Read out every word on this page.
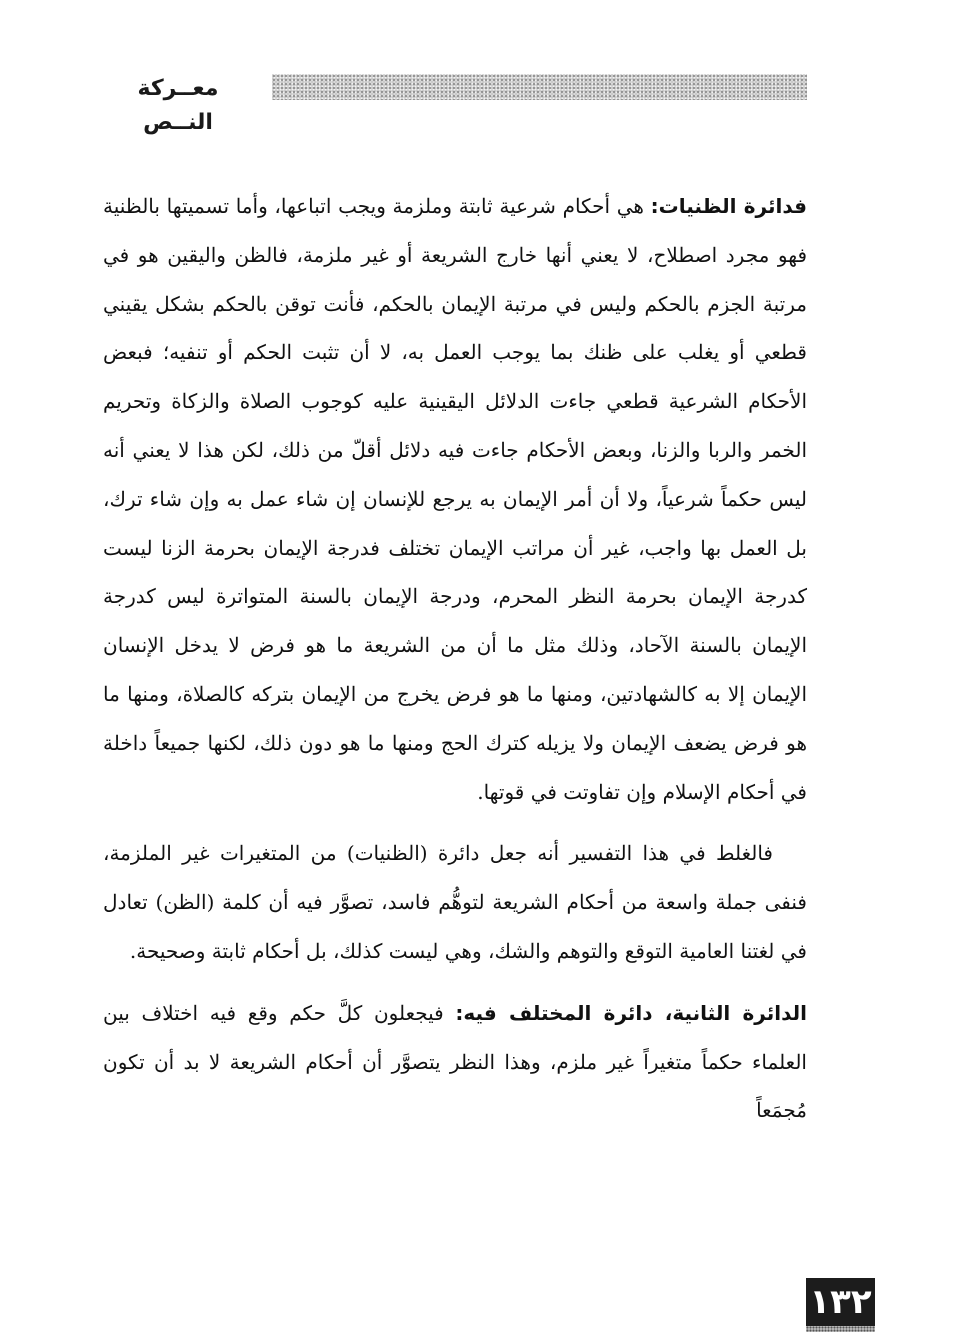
معــركة النــص

فدائرة الظنيات: هي أحكام شرعية ثابتة وملزمة ويجب اتباعها، وأما تسميتها بالظنية فهو مجرد اصطلاح، لا يعني أنها خارج الشريعة أو غير ملزمة، فالظن واليقين هو في مرتبة الجزم بالحكم وليس في مرتبة الإيمان بالحكم، فأنت توقن بالحكم بشكل يقيني قطعي أو يغلب على ظنك بما يوجب العمل به، لا أن تثبت الحكم أو تنفيه؛ فبعض الأحكام الشرعية قطعي جاءت الدلائل اليقينية عليه كوجوب الصلاة والزكاة وتحريم الخمر والربا والزنا، وبعض الأحكام جاءت فيه دلائل أقلّ من ذلك، لكن هذا لا يعني أنه ليس حكماً شرعياً، ولا أن أمر الإيمان به يرجع للإنسان إن شاء عمل به وإن شاء ترك، بل العمل بها واجب، غير أن مراتب الإيمان تختلف فدرجة الإيمان بحرمة الزنا ليست كدرجة الإيمان بحرمة النظر المحرم، ودرجة الإيمان بالسنة المتواترة ليس كدرجة الإيمان بالسنة الآحاد، وذلك مثل ما أن من الشريعة ما هو فرض لا يدخل الإنسان الإيمان إلا به كالشهادتين، ومنها ما هو فرض يخرج من الإيمان بتركه كالصلاة، ومنها ما هو فرض يضعف الإيمان ولا يزيله كترك الحج ومنها ما هو دون ذلك، لكنها جميعاً داخلة في أحكام الإسلام وإن تفاوتت في قوتها.

فالغلط في هذا التفسير أنه جعل دائرة (الظنيات) من المتغيرات غير الملزمة، فنفى جملة واسعة من أحكام الشريعة لتوهُّم فاسد، تصوَّر فيه أن كلمة (الظن) تعادل في لغتنا العامية التوقع والتوهم والشك، وهي ليست كذلك، بل أحكام ثابتة وصحيحة.

الدائرة الثانية، دائرة المختلف فيه: فيجعلون كلَّ حكم وقع فيه اختلاف بين العلماء حكماً متغيراً غير ملزم، وهذا النظر يتصوَّر أن أحكام الشريعة لا بد أن تكون مُجمَعاً

١٣٢
